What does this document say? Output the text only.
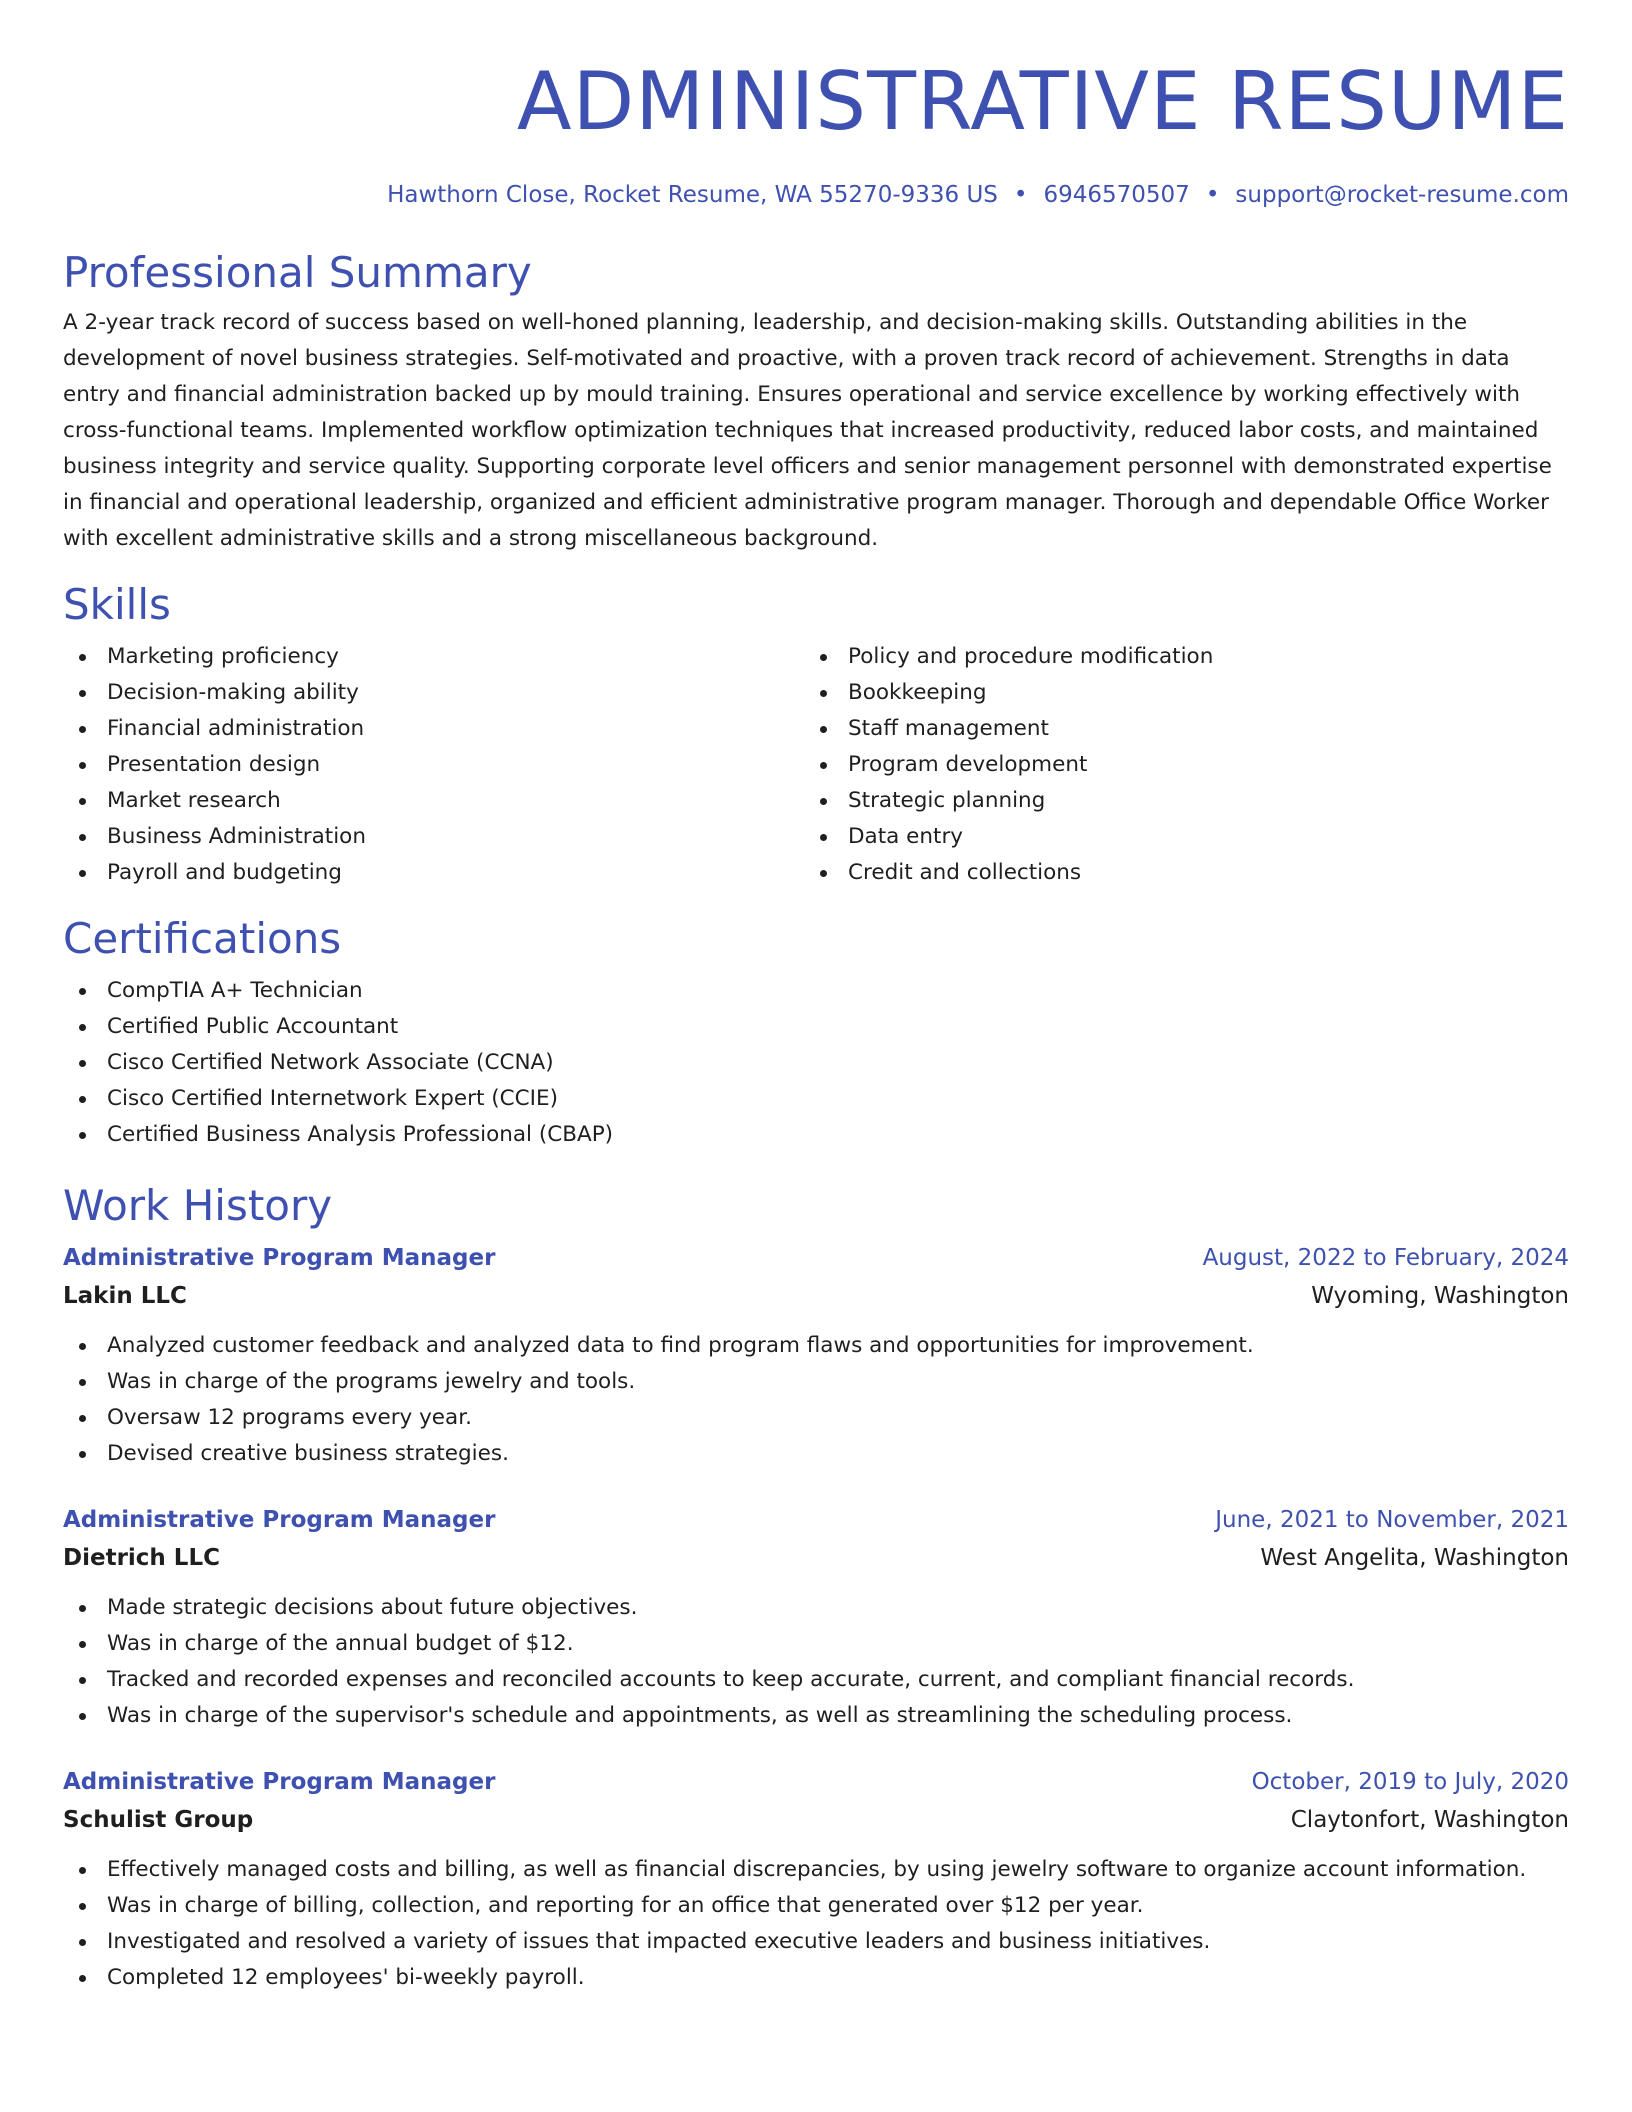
ADMINISTRATIVE RESUME
Hawthorn Close, Rocket Resume, WA 55270-9336 US • 6946570507 • support@rocket-resume.com
Professional Summary
A 2-year track record of success based on well-honed planning, leadership, and decision-making skills. Outstanding abilities in the development of novel business strategies. Self-motivated and proactive, with a proven track record of achievement. Strengths in data entry and financial administration backed up by mould training. Ensures operational and service excellence by working effectively with cross-functional teams. Implemented workflow optimization techniques that increased productivity, reduced labor costs, and maintained business integrity and service quality. Supporting corporate level officers and senior management personnel with demonstrated expertise in financial and operational leadership, organized and efficient administrative program manager. Thorough and dependable Office Worker with excellent administrative skills and a strong miscellaneous background.
Skills
Marketing proficiency
Decision-making ability
Financial administration
Presentation design
Market research
Business Administration
Payroll and budgeting
Policy and procedure modification
Bookkeeping
Staff management
Program development
Strategic planning
Data entry
Credit and collections
Certifications
CompTIA A+ Technician
Certified Public Accountant
Cisco Certified Network Associate (CCNA)
Cisco Certified Internetwork Expert (CCIE)
Certified Business Analysis Professional (CBAP)
Work History
Administrative Program Manager	August, 2022 to February, 2024
Lakin LLC	Wyoming, Washington
Analyzed customer feedback and analyzed data to find program flaws and opportunities for improvement.
Was in charge of the programs jewelry and tools.
Oversaw 12 programs every year.
Devised creative business strategies.
Administrative Program Manager	June, 2021 to November, 2021
Dietrich LLC	West Angelita, Washington
Made strategic decisions about future objectives.
Was in charge of the annual budget of $12.
Tracked and recorded expenses and reconciled accounts to keep accurate, current, and compliant financial records.
Was in charge of the supervisor's schedule and appointments, as well as streamlining the scheduling process.
Administrative Program Manager	October, 2019 to July, 2020
Schulist Group	Claytonfort, Washington
Effectively managed costs and billing, as well as financial discrepancies, by using jewelry software to organize account information.
Was in charge of billing, collection, and reporting for an office that generated over $12 per year.
Investigated and resolved a variety of issues that impacted executive leaders and business initiatives.
Completed 12 employees' bi-weekly payroll.
